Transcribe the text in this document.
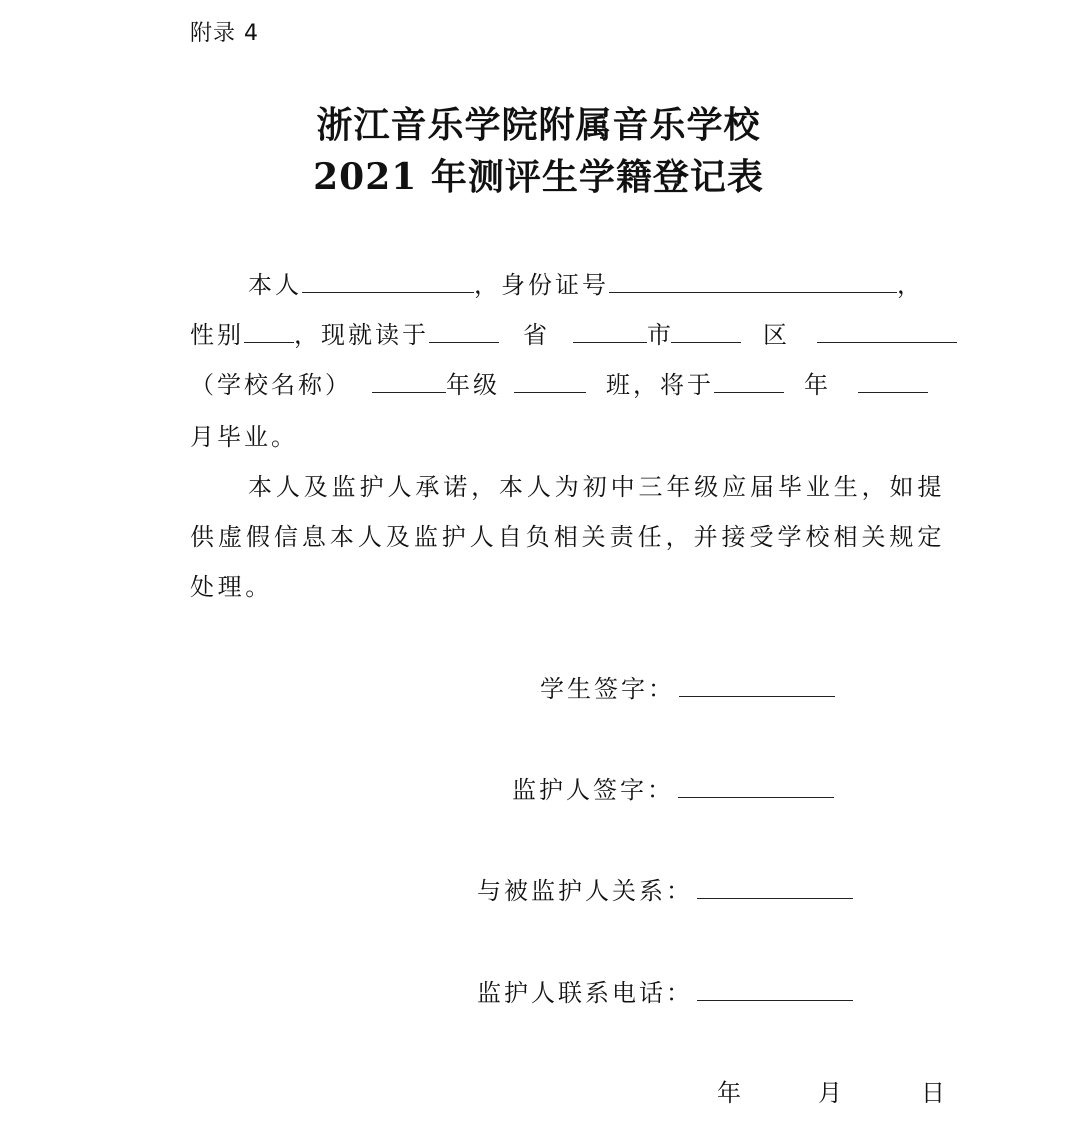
附录 4
浙江音乐学院附属音乐学校
2021 年测评生学籍登记表
本人	，身份证号	，
性别 ，现就读于	省	市	区
（学校名称）	年级	班，将于	年
月毕业。
本人及监护人承诺，本人为初中三年级应届毕业生，如提供虚假信息本人及监护人自负相关责任，并接受学校相关规定处理。
学生签字：
监护人签字：
与被监护人关系：
监护人联系电话：
年	月	日
